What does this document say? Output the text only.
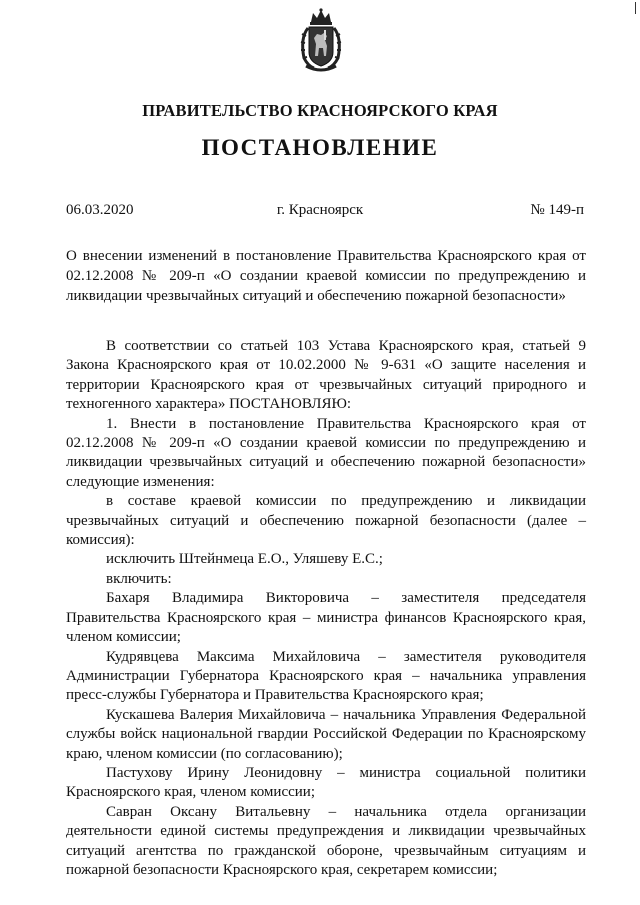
ПРАВИТЕЛЬСТВО КРАСНОЯРСКОГО КРАЯ
ПОСТАНОВЛЕНИЕ
06.03.2020	г. Красноярск	№ 149-п
О внесении изменений в постановление Правительства Красноярского края от 02.12.2008 № 209-п «О создании краевой комиссии по предупреждению и ликвидации чрезвычайных ситуаций и обеспечению пожарной безопасности»

В соответствии со статьей 103 Устава Красноярского края, статьей 9 Закона Красноярского края от 10.02.2000 № 9-631 «О защите населения и территории Красноярского края от чрезвычайных ситуаций природного и техногенного характера» ПОСТАНОВЛЯЮ:

1. Внести в постановление Правительства Красноярского края от 02.12.2008 № 209-п «О создании краевой комиссии по предупреждению и ликвидации чрезвычайных ситуаций и обеспечению пожарной безопасности» следующие изменения:

в составе краевой комиссии по предупреждению и ликвидации чрезвычайных ситуаций и обеспечению пожарной безопасности (далее – комиссия):

исключить Штейнмеца Е.О., Уляшеву Е.С.;

включить:

Бахаря Владимира Викторовича – заместителя председателя Правительства Красноярского края – министра финансов Красноярского края, членом комиссии;

Кудрявцева Максима Михайловича – заместителя руководителя Администрации Губернатора Красноярского края – начальника управления пресс-службы Губернатора и Правительства Красноярского края;

Кускашева Валерия Михайловича – начальника Управления Федеральной службы войск национальной гвардии Российской Федерации по Красноярскому краю, членом комиссии (по согласованию);

Пастухову Ирину Леонидовну – министра социальной политики Красноярского края, членом комиссии;

Савран Оксану Витальевну – начальника отдела организации деятельности единой системы предупреждения и ликвидации чрезвычайных ситуаций агентства по гражданской обороне, чрезвычайным ситуациям и пожарной безопасности Красноярского края, секретарем комиссии;
